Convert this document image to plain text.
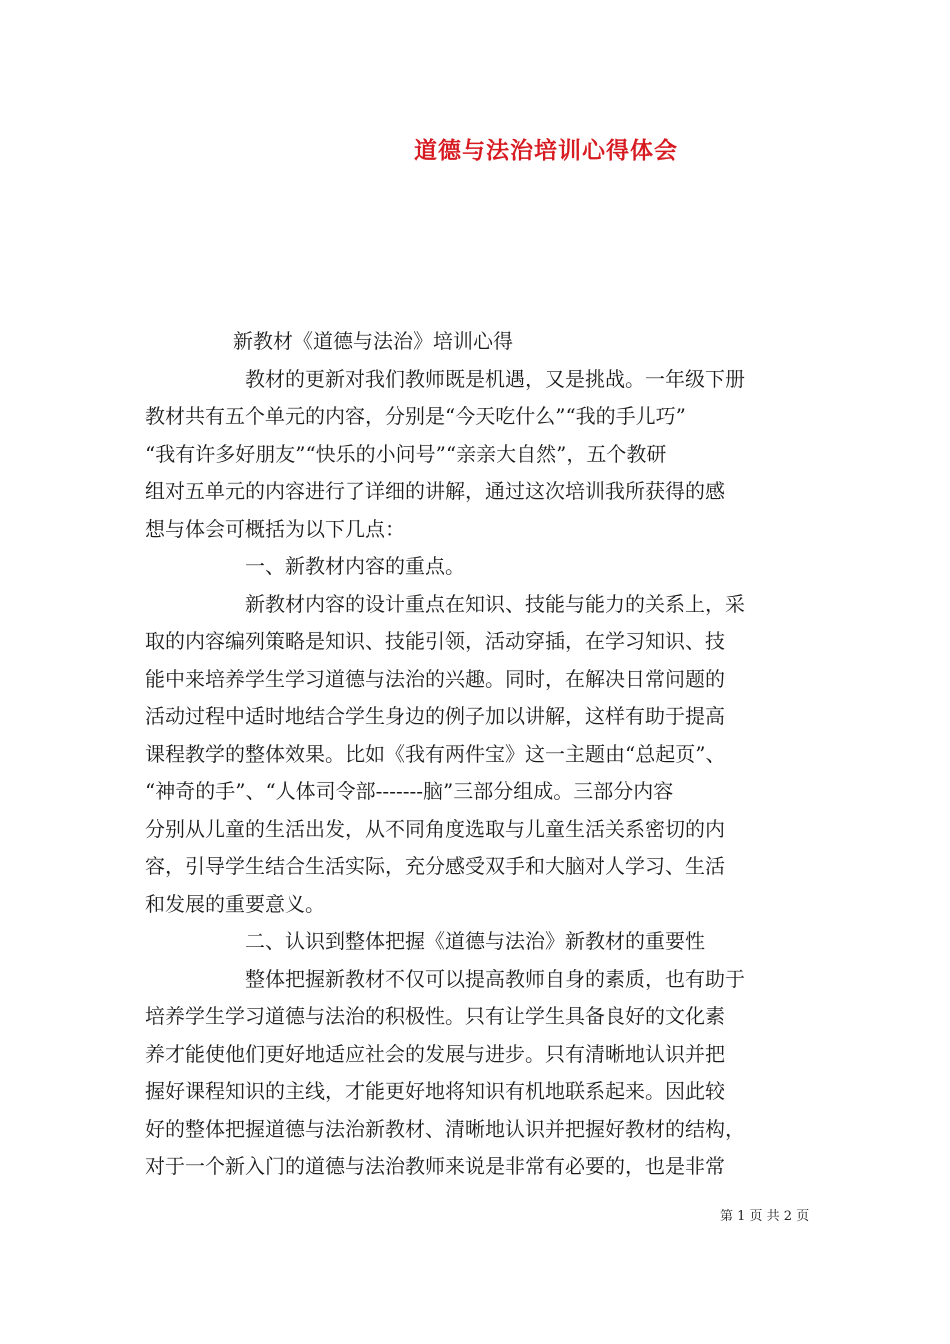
道德与法治培训心得体会
新教材《道德与法治》培训心得
教材的更新对我们教师既是机遇，又是挑战。一年级下册
教材共有五个单元的内容，分别是“今天吃什么”“我的手儿巧”
“我有许多好朋友”“快乐的小问号”“亲亲大自然”，五个教研
组对五单元的内容进行了详细的讲解，通过这次培训我所获得的感
想与体会可概括为以下几点：
一、新教材内容的重点。
新教材内容的设计重点在知识、技能与能力的关系上，采
取的内容编列策略是知识、技能引领，活动穿插，在学习知识、技
能中来培养学生学习道德与法治的兴趣。同时，在解决日常问题的
活动过程中适时地结合学生身边的例子加以讲解，这样有助于提高
课程教学的整体效果。比如《我有两件宝》这一主题由“总起页”、
“神奇的手”、“人体司令部-------脑”三部分组成。三部分内容
分别从儿童的生活出发，从不同角度选取与儿童生活关系密切的内
容，引导学生结合生活实际，充分感受双手和大脑对人学习、生活
和发展的重要意义。
二、认识到整体把握《道德与法治》新教材的重要性
整体把握新教材不仅可以提高教师自身的素质，也有助于
培养学生学习道德与法治的积极性。只有让学生具备良好的文化素
养才能使他们更好地适应社会的发展与进步。只有清晰地认识并把
握好课程知识的主线，才能更好地将知识有机地联系起来。因此较
好的整体把握道德与法治新教材、清晰地认识并把握好教材的结构，
对于一个新入门的道德与法治教师来说是非常有必要的，也是非常
第 1 页 共 2 页
